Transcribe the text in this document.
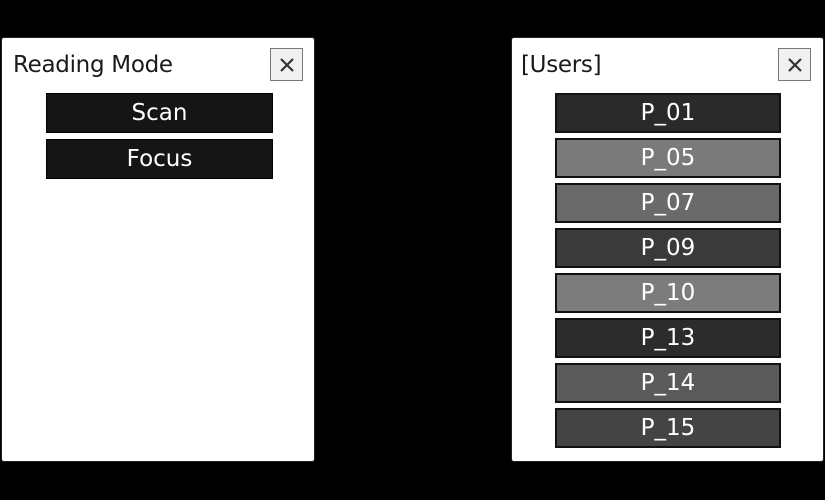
Reading Mode
Scan
Focus
[Users]
P_01
P_05
P_07
P_09
P_10
P_13
P_14
P_15
